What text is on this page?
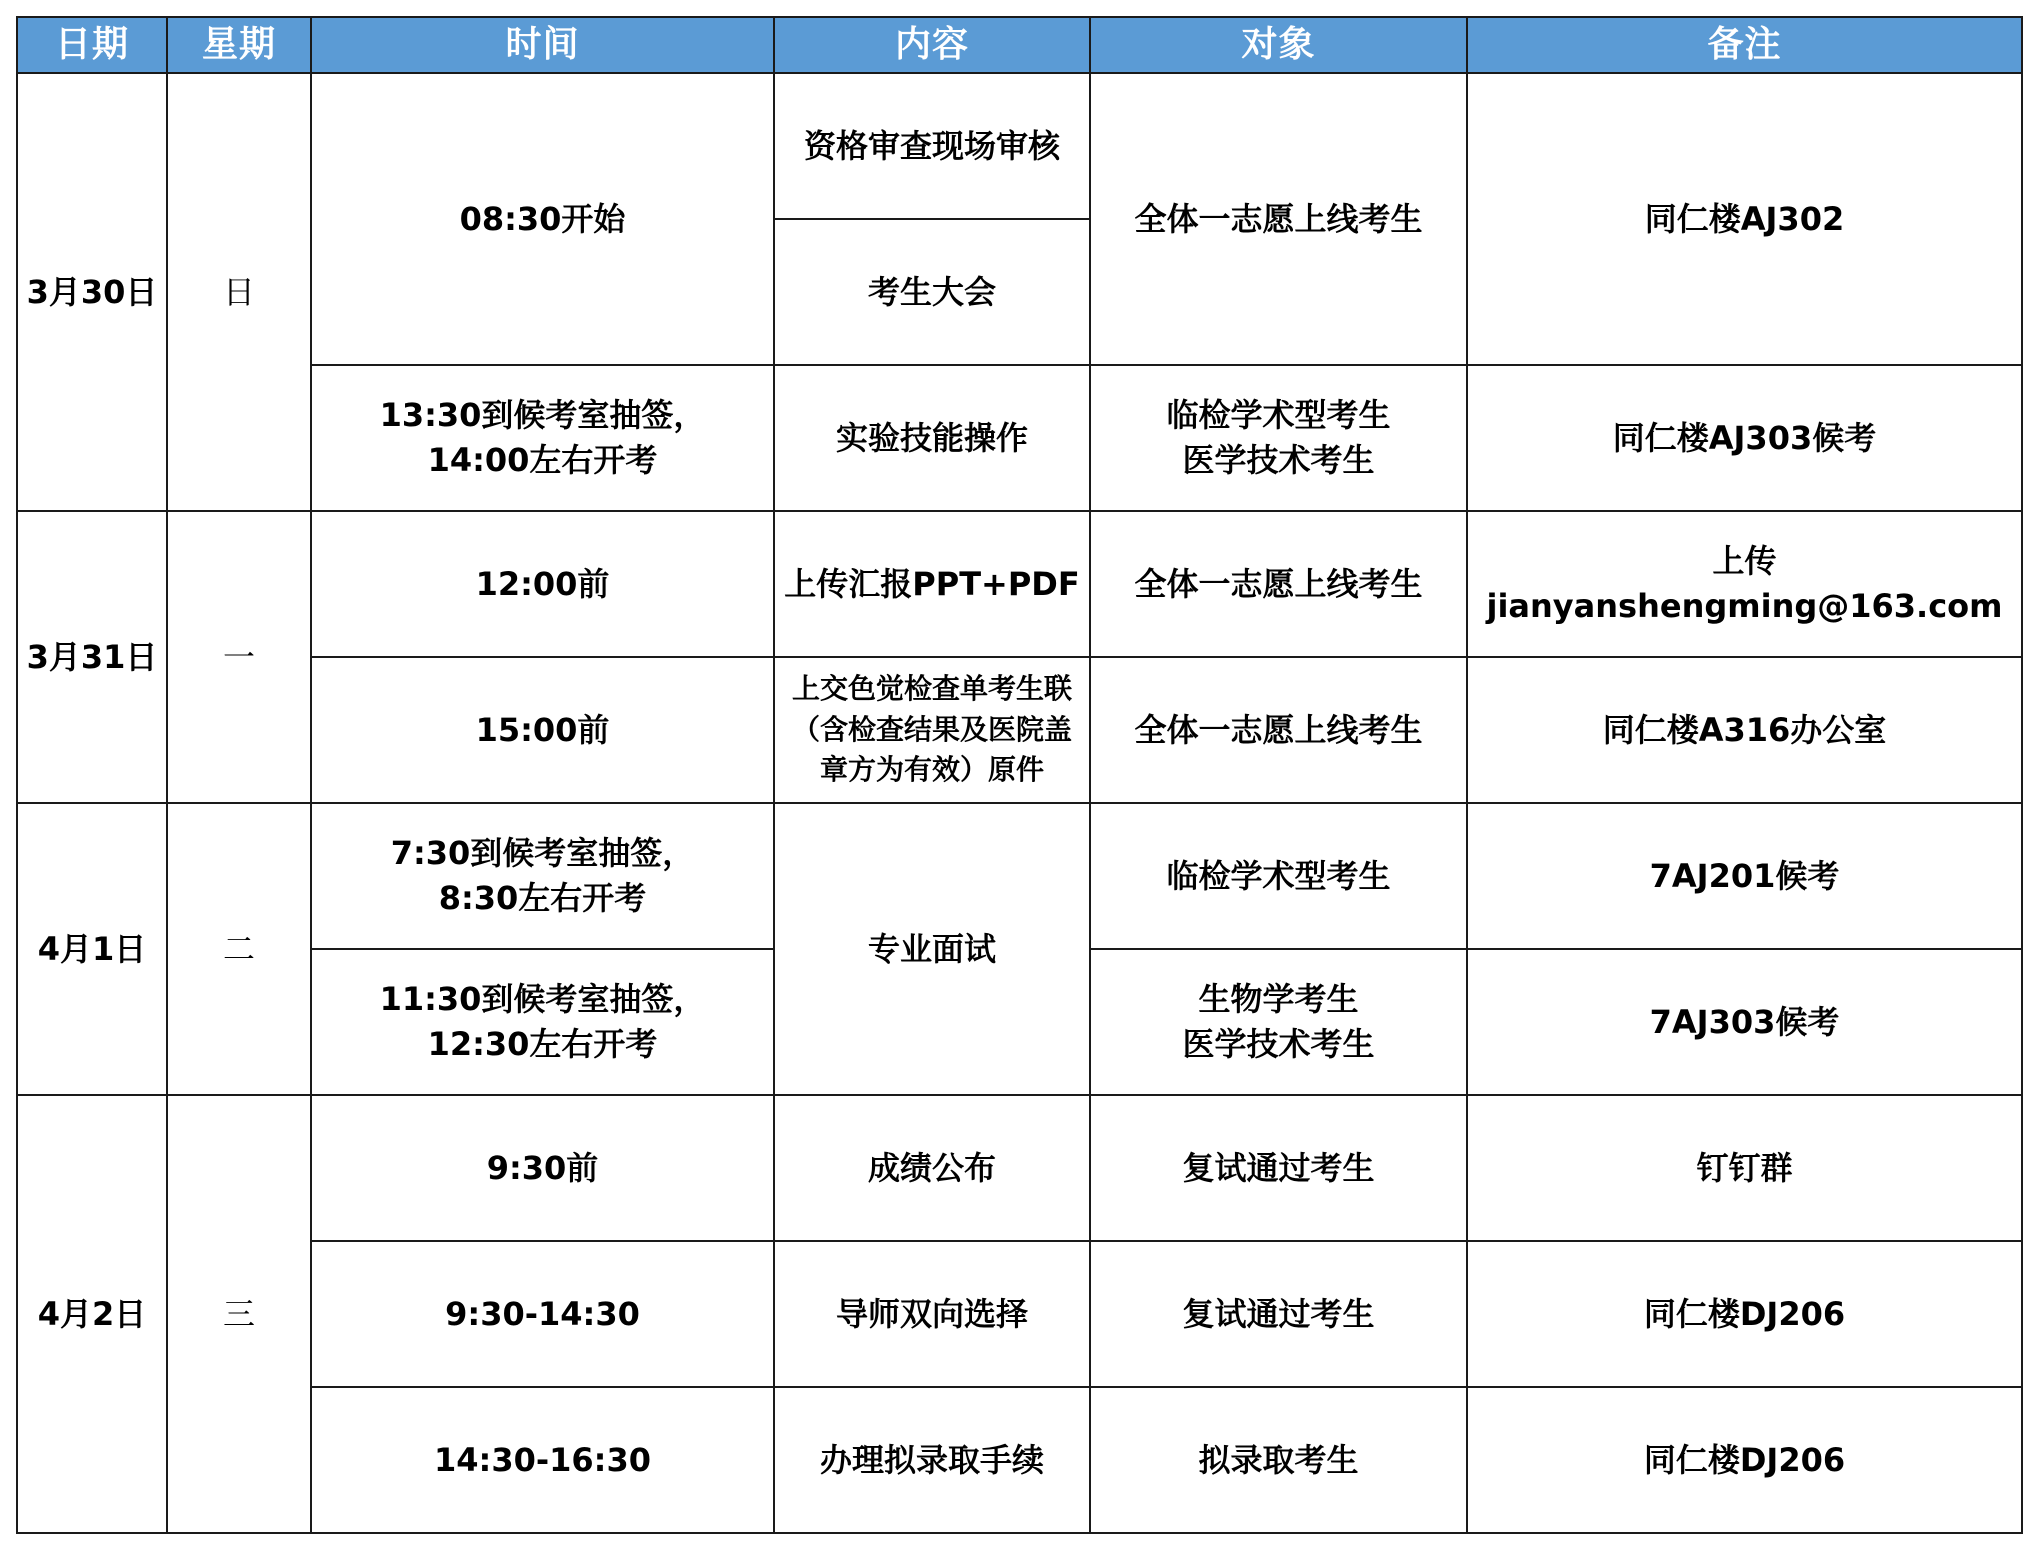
日期	星期	时间	内容	对象	备注
3月30日	日	08:30开始	资格审查现场审核	全体一志愿上线考生	同仁楼AJ302
			考生大会		

		13:30到候考室抽签，
14:00左右开考	实验技能操作	临检学术型考生
医学技术考生	同仁楼AJ303候考
3月31日	一	12:00前	上传汇报PPT+PDF	全体一志愿上线考生	上传jianyanshengming@163.com
		15:00前	上交色觉检查单考生联
（含检查结果及医院盖
章方为有效）原件	全体一志愿上线考生	同仁楼A316办公室
4月1日	二	7:30到候考室抽签，
8:30左右开考	专业面试	临检学术型考生	7AJ201候考

		11:30到候考室抽签，
12:30左右开考		生物学考生
医学技术考生	7AJ303候考
4月2日	三	9:30前	成绩公布	复试通过考生	钉钉群
		9:30-14:30	导师双向选择	复试通过考生	同仁楼DJ206
		14:30-16:30	办理拟录取手续	拟录取考生	同仁楼DJ206
